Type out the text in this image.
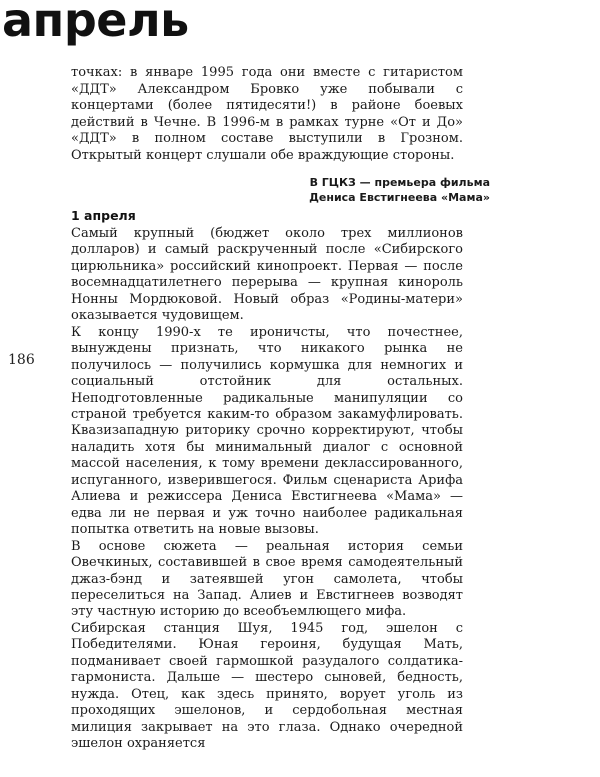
апрель
186

точках: в январе 1995 года они вместе с гитаристом «ДДТ» Александром Бровко уже побывали с концертами (более пятидесяти!) в районе боевых действий в Чечне. В 1996-м в рамках турне «От и До» «ДДТ» в полном составе выступили в Грозном. Открытый концерт слушали обе враждующие стороны.

В ГЦКЗ — премьера фильма
Дениса Евстигнеева «Мама»
1 апреля

Самый крупный (бюджет около трех миллионов долларов) и самый раскрученный после «Сибирского цирюльника» российский кинопроект. Первая — после восемнадцатилетнего перерыва — крупная кинороль Нонны Мордюковой. Новый образ «Родины-матери» оказывается чудовищем.

К концу 1990-х те ироничсты, что почестнее, вынуждены признать, что никакого рынка не получилось — получились кормушка для немногих и социальный отстойник для остальных. Неподготовленные радикальные манипуляции со страной требуется каким-то образом закамуфлировать. Квазизападную риторику срочно корректируют, чтобы наладить хотя бы минимальный диалог с основной массой населения, к тому времени деклассированного, испуганного, изверившегося. Фильм сценариста Арифа Алиева и режиссера Дениса Евстигнеева «Мама» — едва ли не первая и уж точно наиболее радикальная попытка ответить на новые вызовы.

В основе сюжета — реальная история семьи Овечкиных, составившей в свое время самодеятельный джаз-бэнд и затеявшей угон самолета, чтобы переселиться на Запад. Алиев и Евстигнеев возводят эту частную историю до всеобъемлющего мифа.

Сибирская станция Шуя, 1945 год, эшелон с Победителями. Юная героиня, будущая Мать, подманивает своей гармошкой разудалого солдатика-гармониста. Дальше — шестеро сыновей, бедность, нужда. Отец, как здесь принято, ворует уголь из проходящих эшелонов, и сердобольная местная милиция закрывает на это глаза. Однако очередной эшелон охраняется
